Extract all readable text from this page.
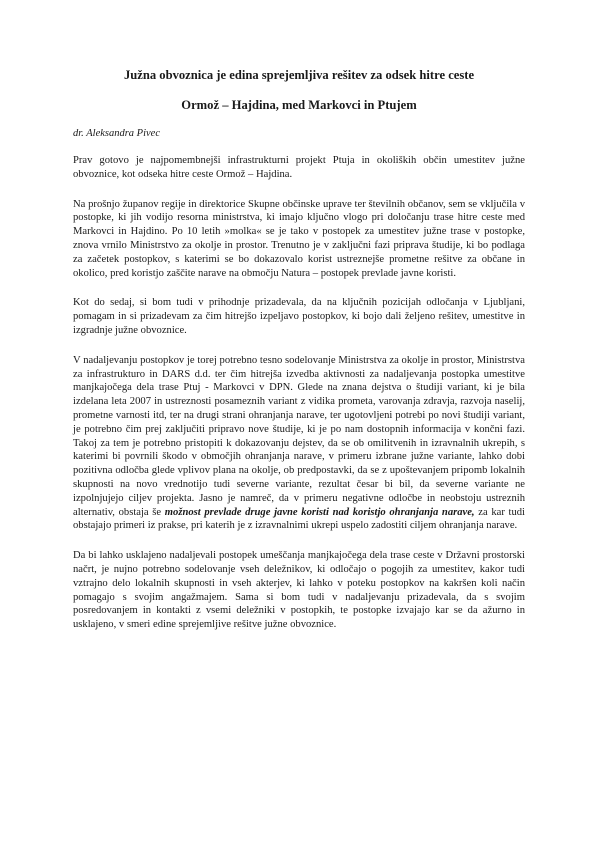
Južna obvoznica je edina sprejemljiva rešitev za odsek hitre ceste
Ormož – Hajdina, med Markovci in Ptujem

dr. Aleksandra Pivec

Prav gotovo je najpomembnejši infrastrukturni projekt Ptuja in okoliških občin umestitev južne obvoznice, kot odseka hitre ceste Ormož – Hajdina.

Na prošnjo županov regije in direktorice Skupne občinske uprave ter številnih občanov, sem se vključila v postopke, ki jih vodijo resorna ministrstva, ki imajo ključno vlogo pri določanju trase hitre ceste med Markovci in Hajdino. Po 10 letih »molka« se je tako v postopek za umestitev južne trase v postopke, znova vrnilo Ministrstvo za okolje in prostor. Trenutno je v zaključni fazi priprava študije, ki bo podlaga za začetek postopkov, s katerimi se bo dokazovalo korist ustreznejše prometne rešitve za občane in okolico, pred koristjo zaščite narave na območju Natura – postopek prevlade javne koristi.

Kot do sedaj, si bom tudi v prihodnje prizadevala, da na ključnih pozicijah odločanja v Ljubljani, pomagam in si prizadevam za čim hitrejšo izpeljavo postopkov, ki bojo dali željeno rešitev, umestitve in izgradnje južne obvoznice.

V nadaljevanju postopkov je torej potrebno tesno sodelovanje Ministrstva za okolje in prostor, Ministrstva za infrastrukturo in DARS d.d. ter čim hitrejša izvedba aktivnosti za nadaljevanja postopka umestitve manjkajočega dela trase Ptuj - Markovci v DPN. Glede na znana dejstva o študiji variant, ki je bila izdelana leta 2007 in ustreznosti posameznih variant z vidika prometa, varovanja zdravja, razvoja naselij, prometne varnosti itd, ter na drugi strani ohranjanja narave, ter ugotovljeni potrebi po novi študiji variant, je potrebno čim prej zaključiti pripravo nove študije, ki je po nam dostopnih informacija v končni fazi. Takoj za tem je potrebno pristopiti k dokazovanju dejstev, da se ob omilitvenih in izravnalnih ukrepih, s katerimi bi povrnili škodo v območjih ohranjanja narave, v primeru izbrane južne variante, lahko dobi pozitivna odločba glede vplivov plana na okolje, ob predpostavki, da se z upoštevanjem pripomb lokalnih skupnosti na novo vrednotijo tudi severne variante, rezultat česar bi bil, da severne variante ne izpolnjujejo ciljev projekta. Jasno je namreč, da v primeru negativne odločbe in neobstoju ustreznih alternativ, obstaja še možnost prevlade druge javne koristi nad koristjo ohranjanja narave, za kar tudi obstajajo primeri iz prakse, pri katerih je z izravnalnimi ukrepi uspelo zadostiti ciljem ohranjanja narave.

Da bi lahko usklajeno nadaljevali postopek umeščanja manjkajočega dela trase ceste v Državni prostorski načrt, je nujno potrebno sodelovanje vseh deležnikov, ki odločajo o pogojih za umestitev, kakor tudi vztrajno delo lokalnih skupnosti in vseh akterjev, ki lahko v poteku postopkov na kakršen koli način pomagajo s svojim angažmajem. Sama si bom tudi v nadaljevanju prizadevala, da s svojim posredovanjem in kontakti z vsemi deležniki v postopkih, te postopke izvajajo kar se da ažurno in usklajeno, v smeri edine sprejemljive rešitve južne obvoznice.
